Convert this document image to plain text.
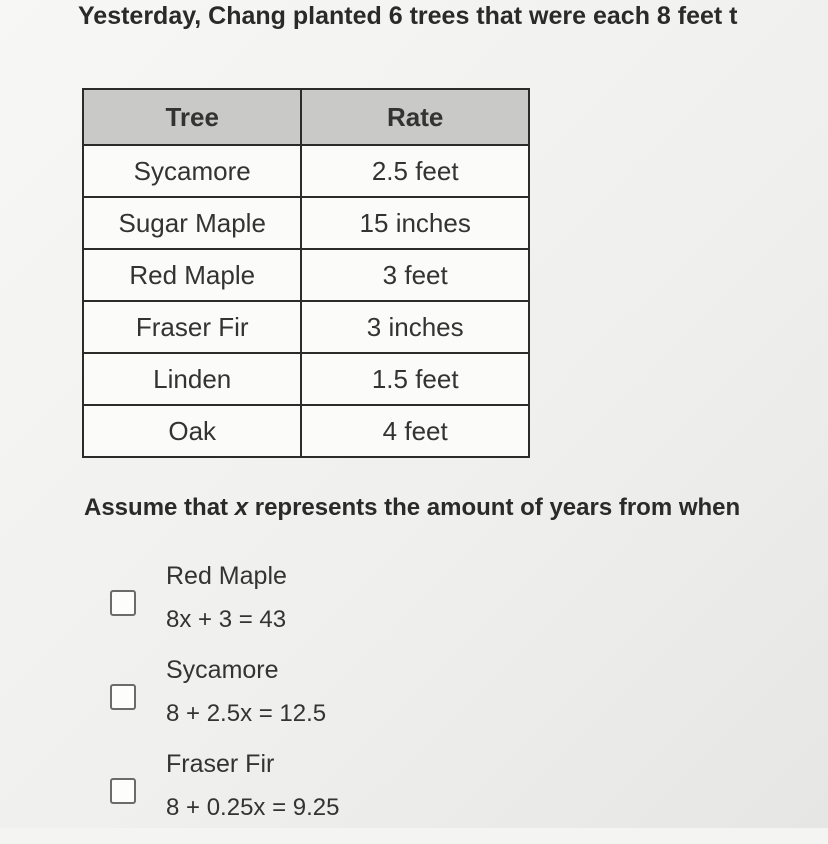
Yesterday, Chang planted 6 trees that were each 8 feet t
Tree	Rate
Sycamore	2.5 feet
Sugar Maple	15 inches
Red Maple	3 feet
Fraser Fir	3 inches
Linden	1.5 feet
Oak	4 feet
Assume that x represents the amount of years from when
Red Maple
8x + 3 = 43
Sycamore
8 + 2.5x = 12.5
Fraser Fir
8 + 0.25x = 9.25
